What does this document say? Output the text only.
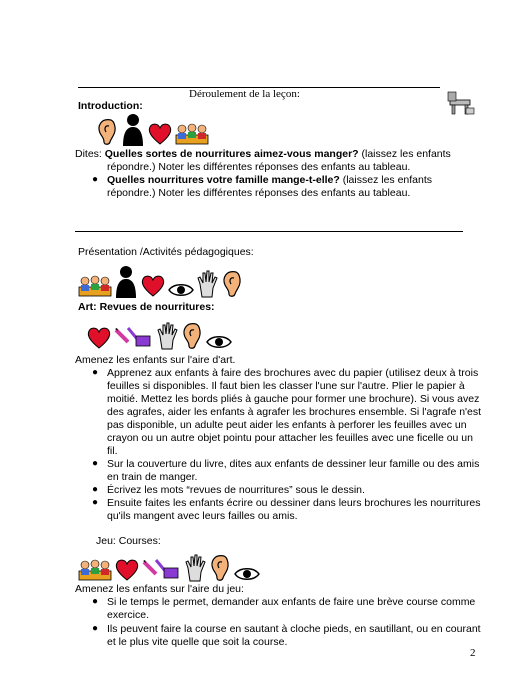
Déroulement de la leçon:
Introduction:
Dites: Quelles sortes de nourritures aimez-vous manger? (laissez les enfants
répondre.) Noter les différentes réponses des enfants au tableau.
● Quelles nourritures votre famille mange-t-elle? (laissez les enfants
répondre.) Noter les différentes réponses des enfants au tableau.
Présentation /Activités pédagogiques:
Art: Revues de nourritures:
Amenez les enfants sur l'aire d'art.
● Apprenez aux enfants à faire des brochures avec du papier (utilisez deux à trois
feuilles si disponibles. Il faut bien les classer l'une sur l'autre. Plier le papier à
moitié. Mettez les bords pliés à gauche pour former une brochure). Si vous avez
des agrafes, aider les enfants à agrafer les brochures ensemble. Si l'agrafe n'est
pas disponible, un adulte peut aider les enfants à perforer les feuilles avec un
crayon ou un autre objet pointu pour attacher les feuilles avec une ficelle ou un
fil.
● Sur la couverture du livre, dites aux enfants de dessiner leur famille ou des amis
en train de manger.
● Écrivez les mots “revues de nourritures” sous le dessin.
● Ensuite faites les enfants écrire ou dessiner dans leurs brochures les nourritures
qu'ils mangent avec leurs failles ou amis.
Jeu: Courses:
Amenez les enfants sur l'aire du jeu:
● Si le temps le permet, demander aux enfants de faire une brève course comme
exercice.
● Ils peuvent faire la course en sautant à cloche pieds, en sautillant, ou en courant
et le plus vite quelle que soit la course.
2
